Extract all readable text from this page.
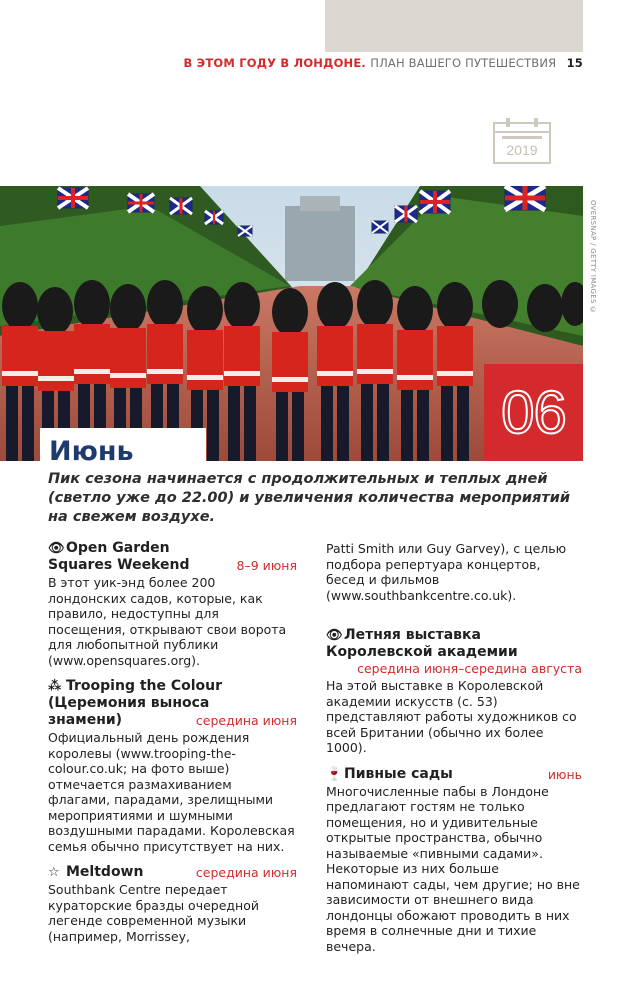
В ЭТОМ ГОДУ В ЛОНДОНЕ. ПЛАН ВАШЕГО ПУТЕШЕСТВИЯ 15
2019
OVERSNAP / GETTY IMAGES ©
06
Июнь
Пик сезона начинается с продолжительных и теплых дней (светло уже до 22.00) и увеличения количества мероприятий на свежем воздухе.
👁Open Garden
Squares Weekend	8–9 июня
В этот уик-энд более 200 лондонских садов, которые, как правило, недоступны для посещения, открывают свои ворота для любопытной публики (www.opensquares.org).
⁂ Trooping the Colour
(Церемония выноса
знамени)	середина июня
Официальный день рождения королевы (www.trooping-the-colour.co.uk; на фото выше) отмечается размахиванием флагами, парадами, зрелищными мероприятиями и шумными воздушными парадами. Королевская семья обычно присутствует на них.
☆ Meltdown	середина июня
Southbank Centre передает кураторские бразды очередной легенде современной музыки (например, Morrissey,
Patti Smith или Guy Garvey), с целью подбора репертуара концертов, бесед и фильмов (www.southbankcentre.co.uk).
👁Летняя выставка
Королевской академии
середина июня–середина августа
На этой выставке в Королевской академии искусств (с. 53) представляют работы художников со всей Британии (обычно их более 1000).
🍷 Пивные сады	июнь
Многочисленные пабы в Лондоне предлагают гостям не только помещения, но и удивительные открытые пространства, обычно называемые «пивными садами». Некоторые из них больше напоминают сады, чем другие; но вне зависимости от внешнего вида лондонцы обожают проводить в них время в солнечные дни и тихие вечера.
